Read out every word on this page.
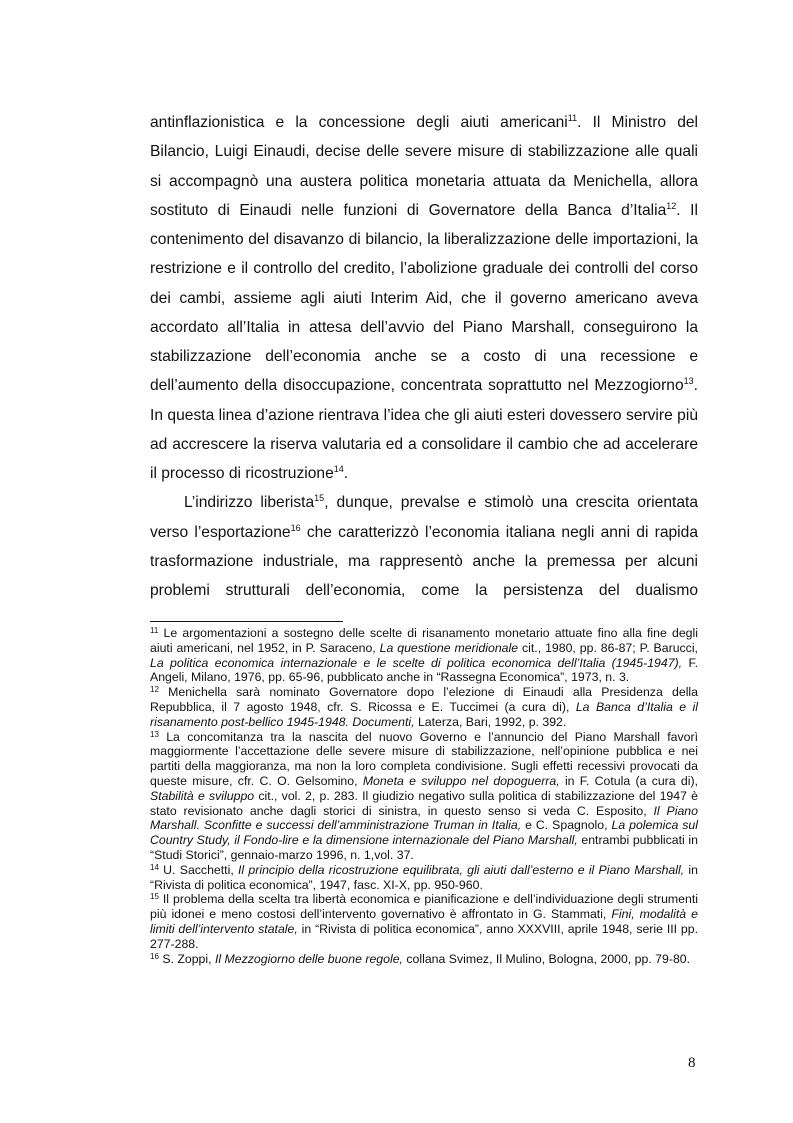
antinflazionistica e la concessione degli aiuti americani$^{11}$. Il Ministro del Bilancio, Luigi Einaudi, decise delle severe misure di stabilizzazione alle quali si accompagnò una austera politica monetaria attuata da Menichella, allora sostituto di Einaudi nelle funzioni di Governatore della Banca d’Italia$^{12}$. Il contenimento del disavanzo di bilancio, la liberalizzazione delle importazioni, la restrizione e il controllo del credito, l’abolizione graduale dei controlli del corso dei cambi, assieme agli aiuti Interim Aid, che il governo americano aveva accordato all’Italia in attesa dell’avvio del Piano Marshall, conseguirono la stabilizzazione dell’economia anche se a costo di una recessione e dell’aumento della disoccupazione, concentrata soprattutto nel Mezzogiorno$^{13}$. In questa linea d’azione rientrava l’idea che gli aiuti esteri dovessero servire più ad accrescere la riserva valutaria ed a consolidare il cambio che ad accelerare il processo di ricostruzione$^{14}$.

L’indirizzo liberista$^{15}$, dunque, prevalse e stimolò una crescita orientata verso l’esportazione$^{16}$ che caratterizzò l’economia italiana negli anni di rapida trasformazione industriale, ma rappresentò anche la premessa per alcuni problemi strutturali dell’economia, come la persistenza del dualismo

$^{11}$ Le argomentazioni a sostegno delle scelte di risanamento monetario attuate fino alla fine degli aiuti americani, nel 1952, in P. Saraceno, La questione meridionale cit., 1980, pp. 86-87; P. Barucci, La politica economica internazionale e le scelte di politica economica dell’Italia (1945-1947), F. Angeli, Milano, 1976, pp. 65-96, pubblicato anche in “Rassegna Economica”, 1973, n. 3.

$^{12}$ Menichella sarà nominato Governatore dopo l’elezione di Einaudi alla Presidenza della Repubblica, il 7 agosto 1948, cfr. S. Ricossa e E. Tuccimei (a cura di), La Banca d’Italia e il risanamento post-bellico 1945-1948. Documenti, Laterza, Bari, 1992, p. 392.

$^{13}$ La concomitanza tra la nascita del nuovo Governo e l’annuncio del Piano Marshall favorì maggiormente l’accettazione delle severe misure di stabilizzazione, nell’opinione pubblica e nei partiti della maggioranza, ma non la loro completa condivisione. Sugli effetti recessivi provocati da queste misure, cfr. C. O. Gelsomino, Moneta e sviluppo nel dopoguerra, in F. Cotula (a cura di), Stabilità e sviluppo cit., vol. 2, p. 283. Il giudizio negativo sulla politica di stabilizzazione del 1947 è stato revisionato anche dagli storici di sinistra, in questo senso si veda C. Esposito, Il Piano Marshall. Sconfitte e successi dell’amministrazione Truman in Italia, e C. Spagnolo, La polemica sul Country Study, il Fondo-lire e la dimensione internazionale del Piano Marshall, entrambi pubblicati in “Studi Storici”, gennaio-marzo 1996, n. 1,vol. 37.

$^{14}$ U. Sacchetti, Il principio della ricostruzione equilibrata, gli aiuti dall’esterno e il Piano Marshall, in “Rivista di politica economica”, 1947, fasc. XI-X, pp. 950-960.

$^{15}$ Il problema della scelta tra libertà economica e pianificazione e dell’individuazione degli strumenti più idonei e meno costosi dell’intervento governativo è affrontato in G. Stammati, Fini, modalità e limiti dell’intervento statale, in “Rivista di politica economica”, anno XXXVIII, aprile 1948, serie III pp. 277-288.

$^{16}$ S. Zoppi, Il Mezzogiorno delle buone regole, collana Svimez, Il Mulino, Bologna, 2000, pp. 79-80.

8
